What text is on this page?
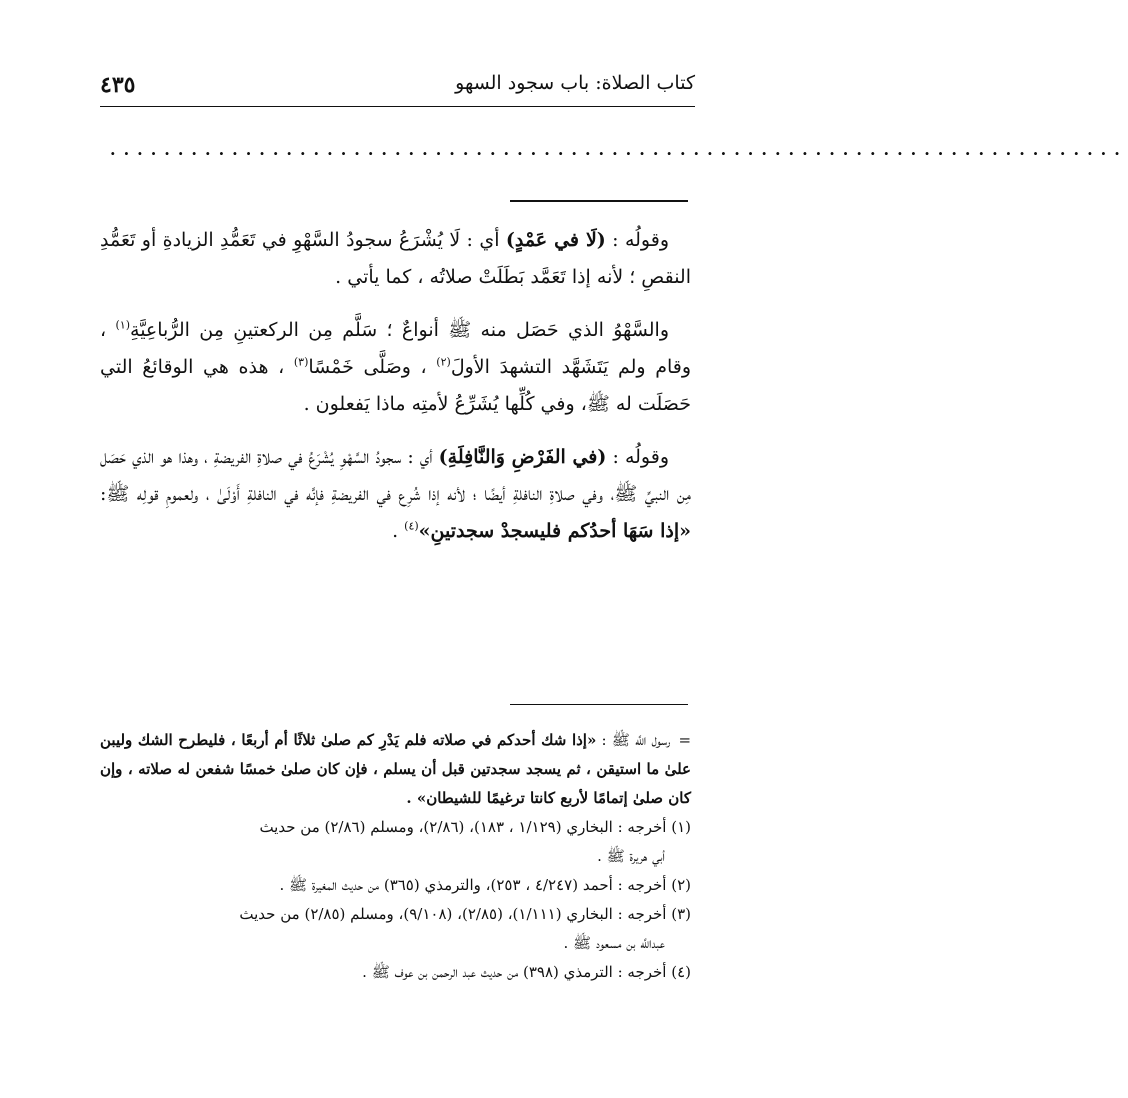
كتاب الصلاة: باب سجود السهو
٤٣٥
...........................................................................

وقولُه : (لَا في عَمْدٍ) أي : لَا يُشْرَعُ سجودُ السَّهْوِ في تَعَمُّدِ الزيادةِ أو تَعَمُّدِ النقصِ ؛ لأنه إذا تَعَمَّد بَطَلَتْ صلاتُه ، كما يأتي .

والسَّهْوُ الذي حَصَل منه ﷺ أنواعٌ ؛ سَلَّم مِن الركعتينِ مِن الرُّباعِيَّةِ$^{(١)}$ ، وقام ولم يَتَشَهَّد التشهدَ الأولَ$^{(٢)}$ ، وصَلَّى خَمْسًا$^{(٣)}$ ، هذه هي الوقائعُ التي حَصَلَت له ﷺ، وفي كُلِّها يُشَرِّعُ لأمتِه ماذا يَفعلون .

وقولُه : (في الفَرْضِ وَالنَّافِلَةِ) أي : سجودُ السَّهْوِ يُشْرَعُ في صلاةِ الفريضةِ ، وهذا هو الذي حَصَل مِن النبيِّ ﷺ، وفي صلاةِ النافلةِ أيضًا ؛ لأنه إذا شُرِع في الفريضةِ فإنَّه في النافلةِ أَوْلَىٰ ، ولعمومِ قولِه ﷺ: «إذا سَهَا أحدُكم فليسجدْ سجدتينِ»$^{(٤)}$ .

=رسول اللَّه ﷺ : «إذا شك أحدكم في صلاته فلم يَدْرِ كم صلىٰ ثلاثًا أم أربعًا ، فليطرح الشك وليبن علىٰ ما استيقن ، ثم يسجد سجدتين قبل أن يسلم ، فإن كان صلىٰ خمسًا شفعن له صلاته ، وإن كان صلىٰ إتمامًا لأربع كانتا ترغيمًا للشيطان» .

(١) أخرجه : البخاري (١/١٢٩ ، ١٨٣)، (٢/٨٦)، ومسلم (٢/٨٦) من حديث

أبي هريرة ﷺ .

(٢) أخرجه : أحمد (٤/٢٤٧ ، ٢٥٣)، والترمذي (٣٦٥) من حديث المغيرة ﷺ .

(٣) أخرجه : البخاري (١/١١١)، (٢/٨٥)، (٩/١٠٨)، ومسلم (٢/٨٥) من حديث

عبداللَّه بن مسعود ﷺ .

(٤) أخرجه : الترمذي (٣٩٨) من حديث عبد الرحمن بن عوف ﷺ .
